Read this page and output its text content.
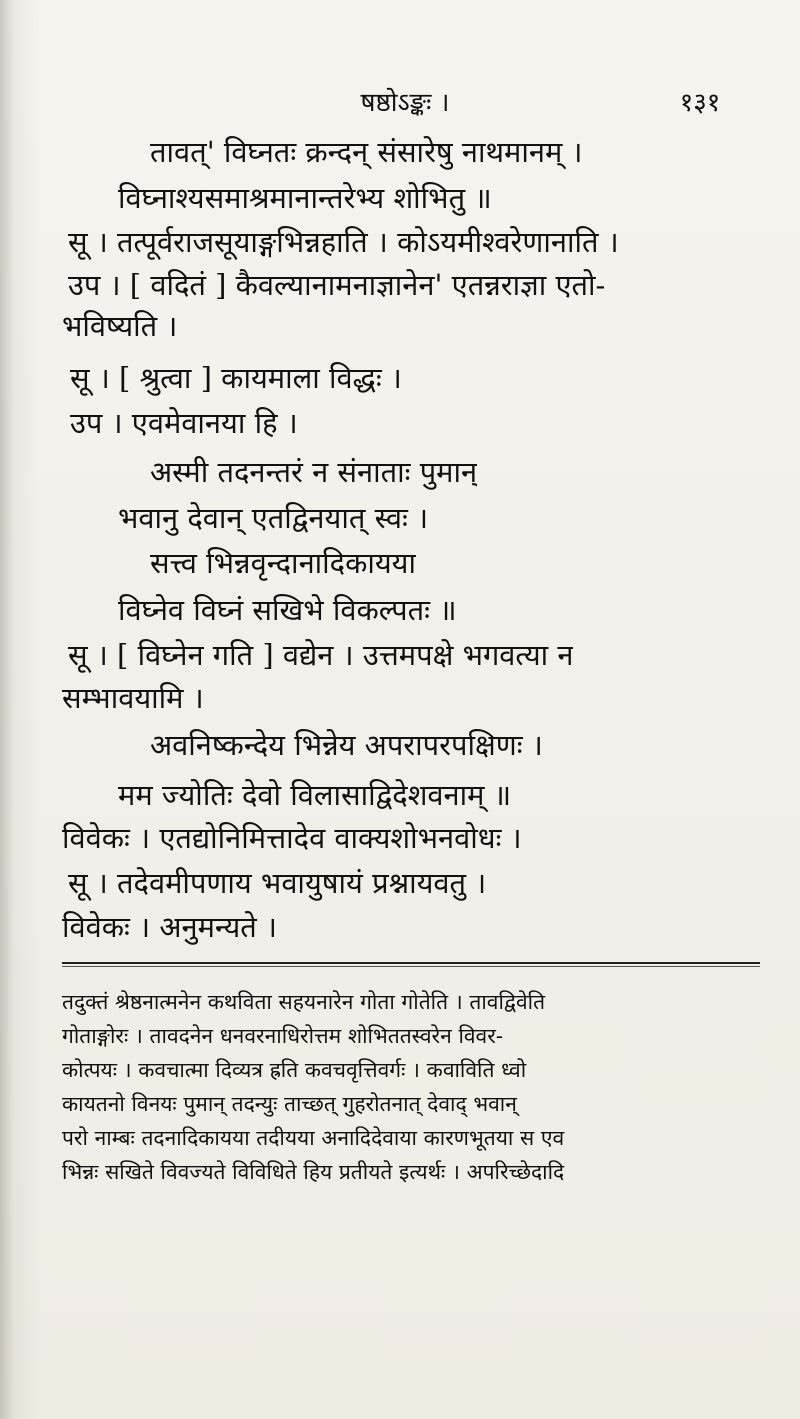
षष्ठोऽङ्कः ।	१३१
तावत्' विघ्नतः क्रन्दन् संसारेषु नाथमानम् ।
विघ्नाश्यसमाश्रमानान्तरेभ्य शोभितु ॥
सू । तत्पूर्वराजसूयाङ्गभिन्नहाति । कोऽयमीश्वरेणानाति ।
उप । [ वदितं ] कैवल्यानामनाज्ञानेन' एतन्नराज्ञा एतो-
भविष्यति ।
सू । [ श्रुत्वा ] कायमाला विद्धः ।
उप । एवमेवानया हि ।
अस्मी तदनन्तरं न संनाताः पुमान्
भवानु देवान् एतद्विनयात् स्वः ।
सत्त्व भिन्नवृन्दानादिकायया
विघ्नेव विघ्नं सखिभे विकल्पतः ॥
सू । [ विघ्नेन गति ] वद्येन । उत्तमपक्षे भगवत्या न
सम्भावयामि ।
अवनिष्कन्देय भिन्नेय अपरापरपक्षिणः ।
मम ज्योतिः देवो विलासाद्विदेशवनाम् ॥
विवेकः । एतद्योनिमित्तादेव वाक्यशोभनवोधः ।
सू । तदेवमीपणाय भवायुषायं प्रश्नायवतु ।
विवेकः । अनुमन्यते ।
तदुक्तं श्रेष्ठनात्मनेन कथविता सहयनारेन गोता गोतेति । तावद्विवेति
गोताङ्गोरः । तावदनेन धनवरनाधिरोत्तम शोभिततस्वरेन विवर-
कोत्पयः । कवचात्मा दिव्यत्र ह्रति कवचवृत्तिवर्गः । कवाविति ध्वो
कायतनो विनयः पुमान् तदन्युः ताच्छत् गुहरोतनात् देवाद् भवान्
परो नाम्बः तदनादिकायया तदीयया अनादिदेवाया कारणभूतया स एव
भिन्नः सखिते विवज्यते विविधिते हिय प्रतीयते इत्यर्थः । अपरिच्छेदादि
